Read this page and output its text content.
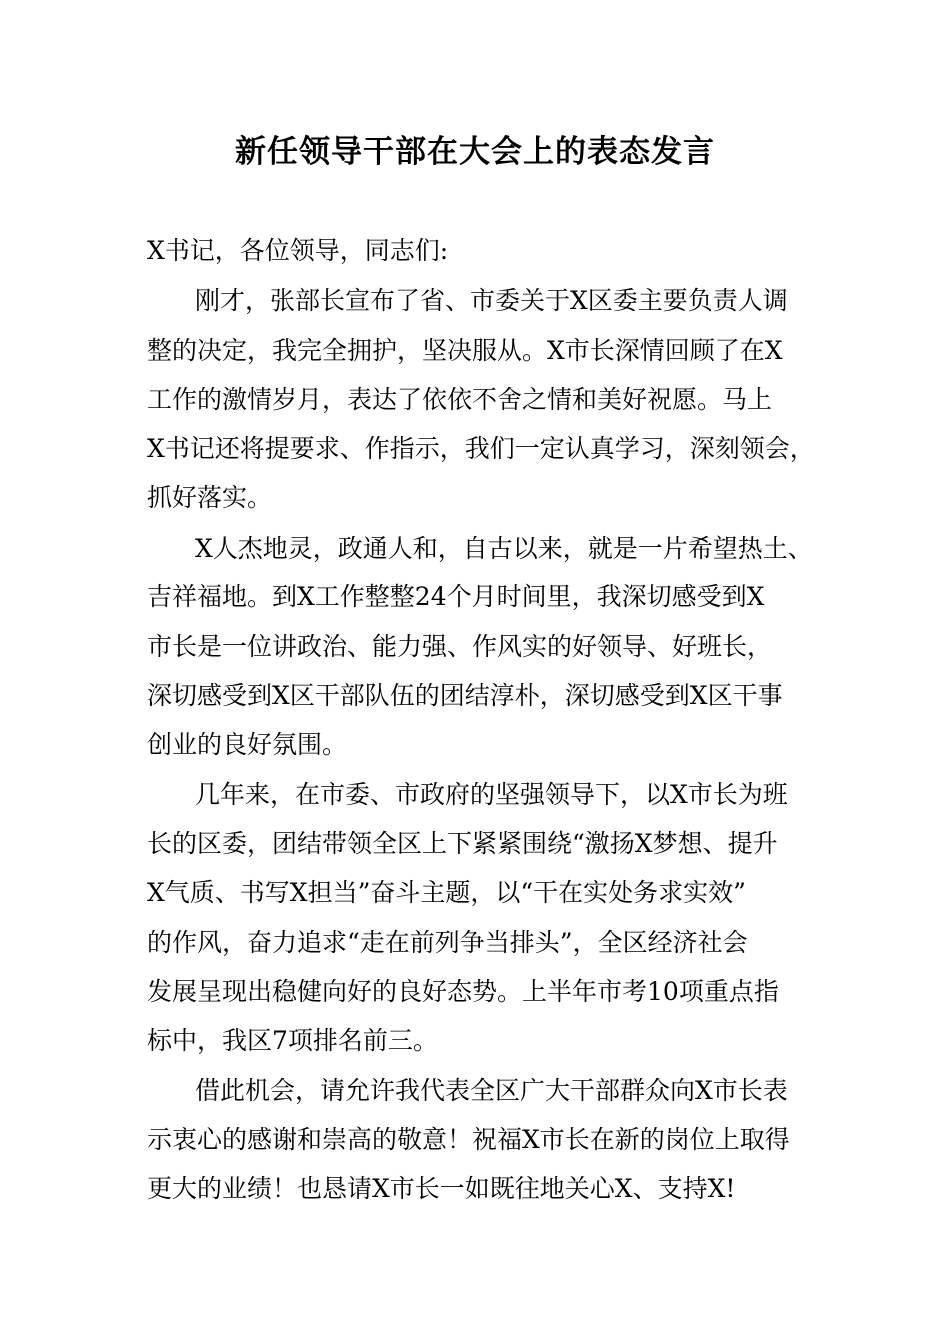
新任领导干部在大会上的表态发言
X书记，各位领导，同志们:
刚才，张部长宣布了省、市委关于X区委主要负责人调
整的决定，我完全拥护，坚决服从。X市长深情回顾了在X
工作的激情岁月，表达了依依不舍之情和美好祝愿。马上
X书记还将提要求、作指示，我们一定认真学习，深刻领会，
抓好落实。
X人杰地灵，政通人和，自古以来，就是一片希望热土、
吉祥福地。到X工作整整24个月时间里，我深切感受到X
市长是一位讲政治、能力强、作风实的好领导、好班长，
深切感受到X区干部队伍的团结淳朴，深切感受到X区干事
创业的良好氛围。
几年来，在市委、市政府的坚强领导下，以X市长为班
长的区委，团结带领全区上下紧紧围绕“激扬X梦想、提升
X气质、书写X担当”奋斗主题，以“干在实处务求实效”
的作风，奋力追求“走在前列争当排头”，全区经济社会
发展呈现出稳健向好的良好态势。上半年市考10项重点指
标中，我区7项排名前三。
借此机会，请允许我代表全区广大干部群众向X市长表
示衷心的感谢和崇高的敬意！祝福X市长在新的岗位上取得
更大的业绩！也恳请X市长一如既往地关心X、支持X!
